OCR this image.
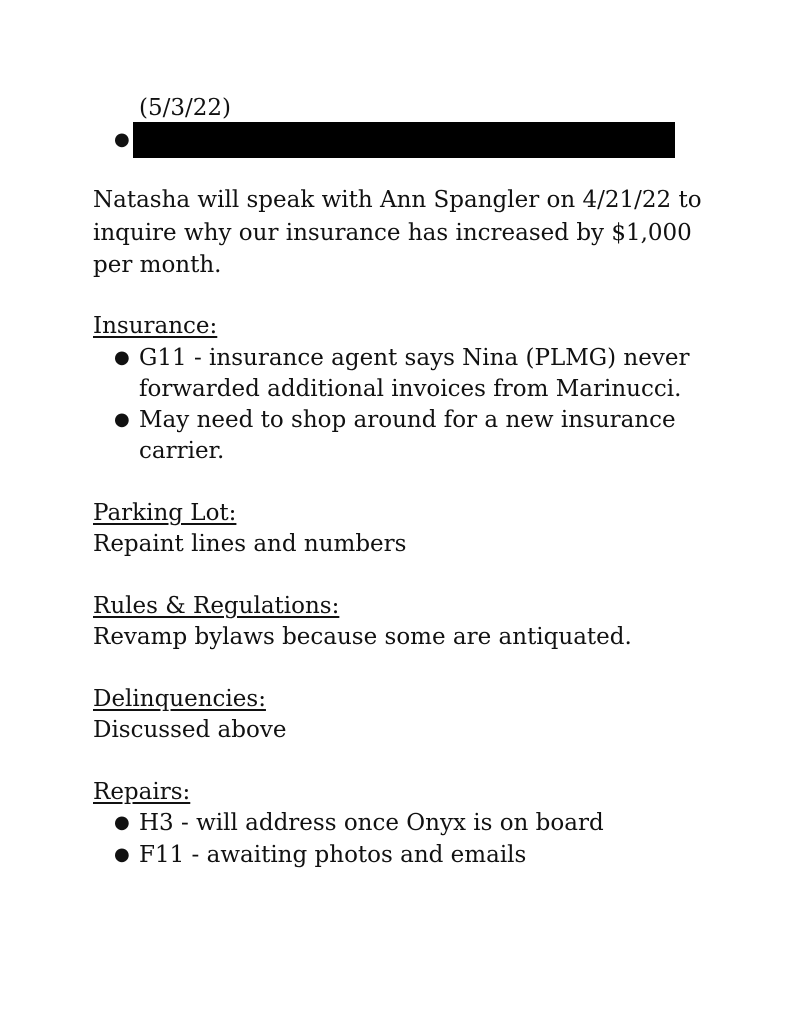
(5/3/22)
●
Natasha will speak with Ann Spangler on 4/21/22 to
inquire why our insurance has increased by $1,000
per month.
Insurance:
● G11 - insurance agent says Nina (PLMG) never
forwarded additional invoices from Marinucci.
● May need to shop around for a new insurance
carrier.
Parking Lot:
Repaint lines and numbers
Rules & Regulations:
Revamp bylaws because some are antiquated.
Delinquencies:
Discussed above
Repairs:
● H3 - will address once Onyx is on board
● F11 - awaiting photos and emails
